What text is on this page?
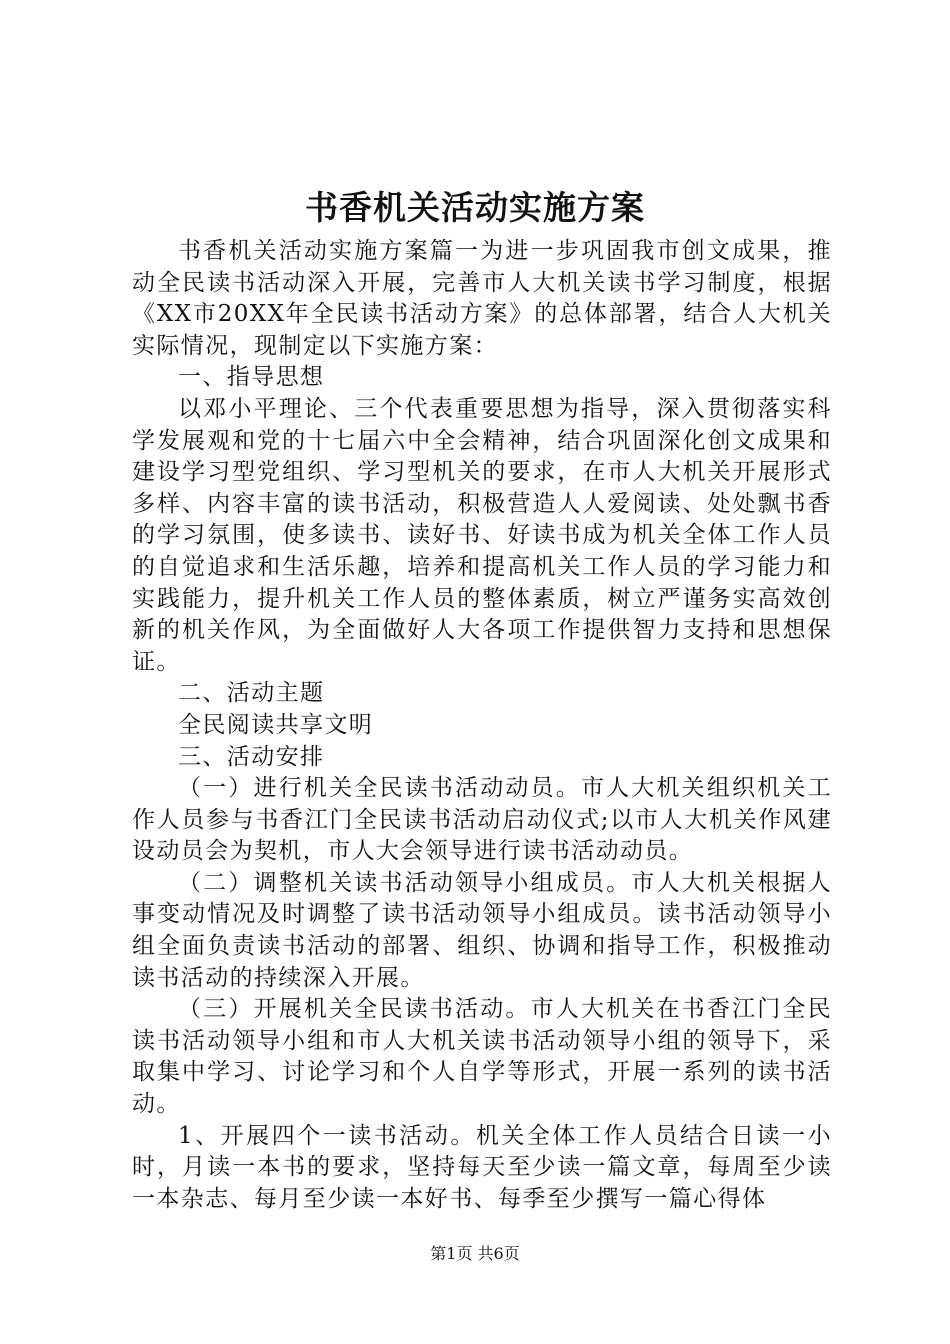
书香机关活动实施方案

书香机关活动实施方案篇一为进一步巩固我市创文成果，推动全民读书活动深入开展，完善市人大机关读书学习制度，根据《XX市20XX年全民读书活动方案》的总体部署，结合人大机关实际情况，现制定以下实施方案：

一、指导思想

以邓小平理论、三个代表重要思想为指导，深入贯彻落实科学发展观和党的十七届六中全会精神，结合巩固深化创文成果和建设学习型党组织、学习型机关的要求，在市人大机关开展形式多样、内容丰富的读书活动，积极营造人人爱阅读、处处飘书香的学习氛围，使多读书、读好书、好读书成为机关全体工作人员的自觉追求和生活乐趣，培养和提高机关工作人员的学习能力和实践能力，提升机关工作人员的整体素质，树立严谨务实高效创新的机关作风，为全面做好人大各项工作提供智力支持和思想保证。

二、活动主题

全民阅读共享文明

三、活动安排

（一）进行机关全民读书活动动员。市人大机关组织机关工作人员参与书香江门全民读书活动启动仪式;以市人大机关作风建设动员会为契机，市人大会领导进行读书活动动员。

（二）调整机关读书活动领导小组成员。市人大机关根据人事变动情况及时调整了读书活动领导小组成员。读书活动领导小组全面负责读书活动的部署、组织、协调和指导工作，积极推动读书活动的持续深入开展。

（三）开展机关全民读书活动。市人大机关在书香江门全民读书活动领导小组和市人大机关读书活动领导小组的领导下，采取集中学习、讨论学习和个人自学等形式，开展一系列的读书活动。

1、开展四个一读书活动。机关全体工作人员结合日读一小时，月读一本书的要求，坚持每天至少读一篇文章，每周至少读一本杂志、每月至少读一本好书、每季至少撰写一篇心得体

第1页 共6页
